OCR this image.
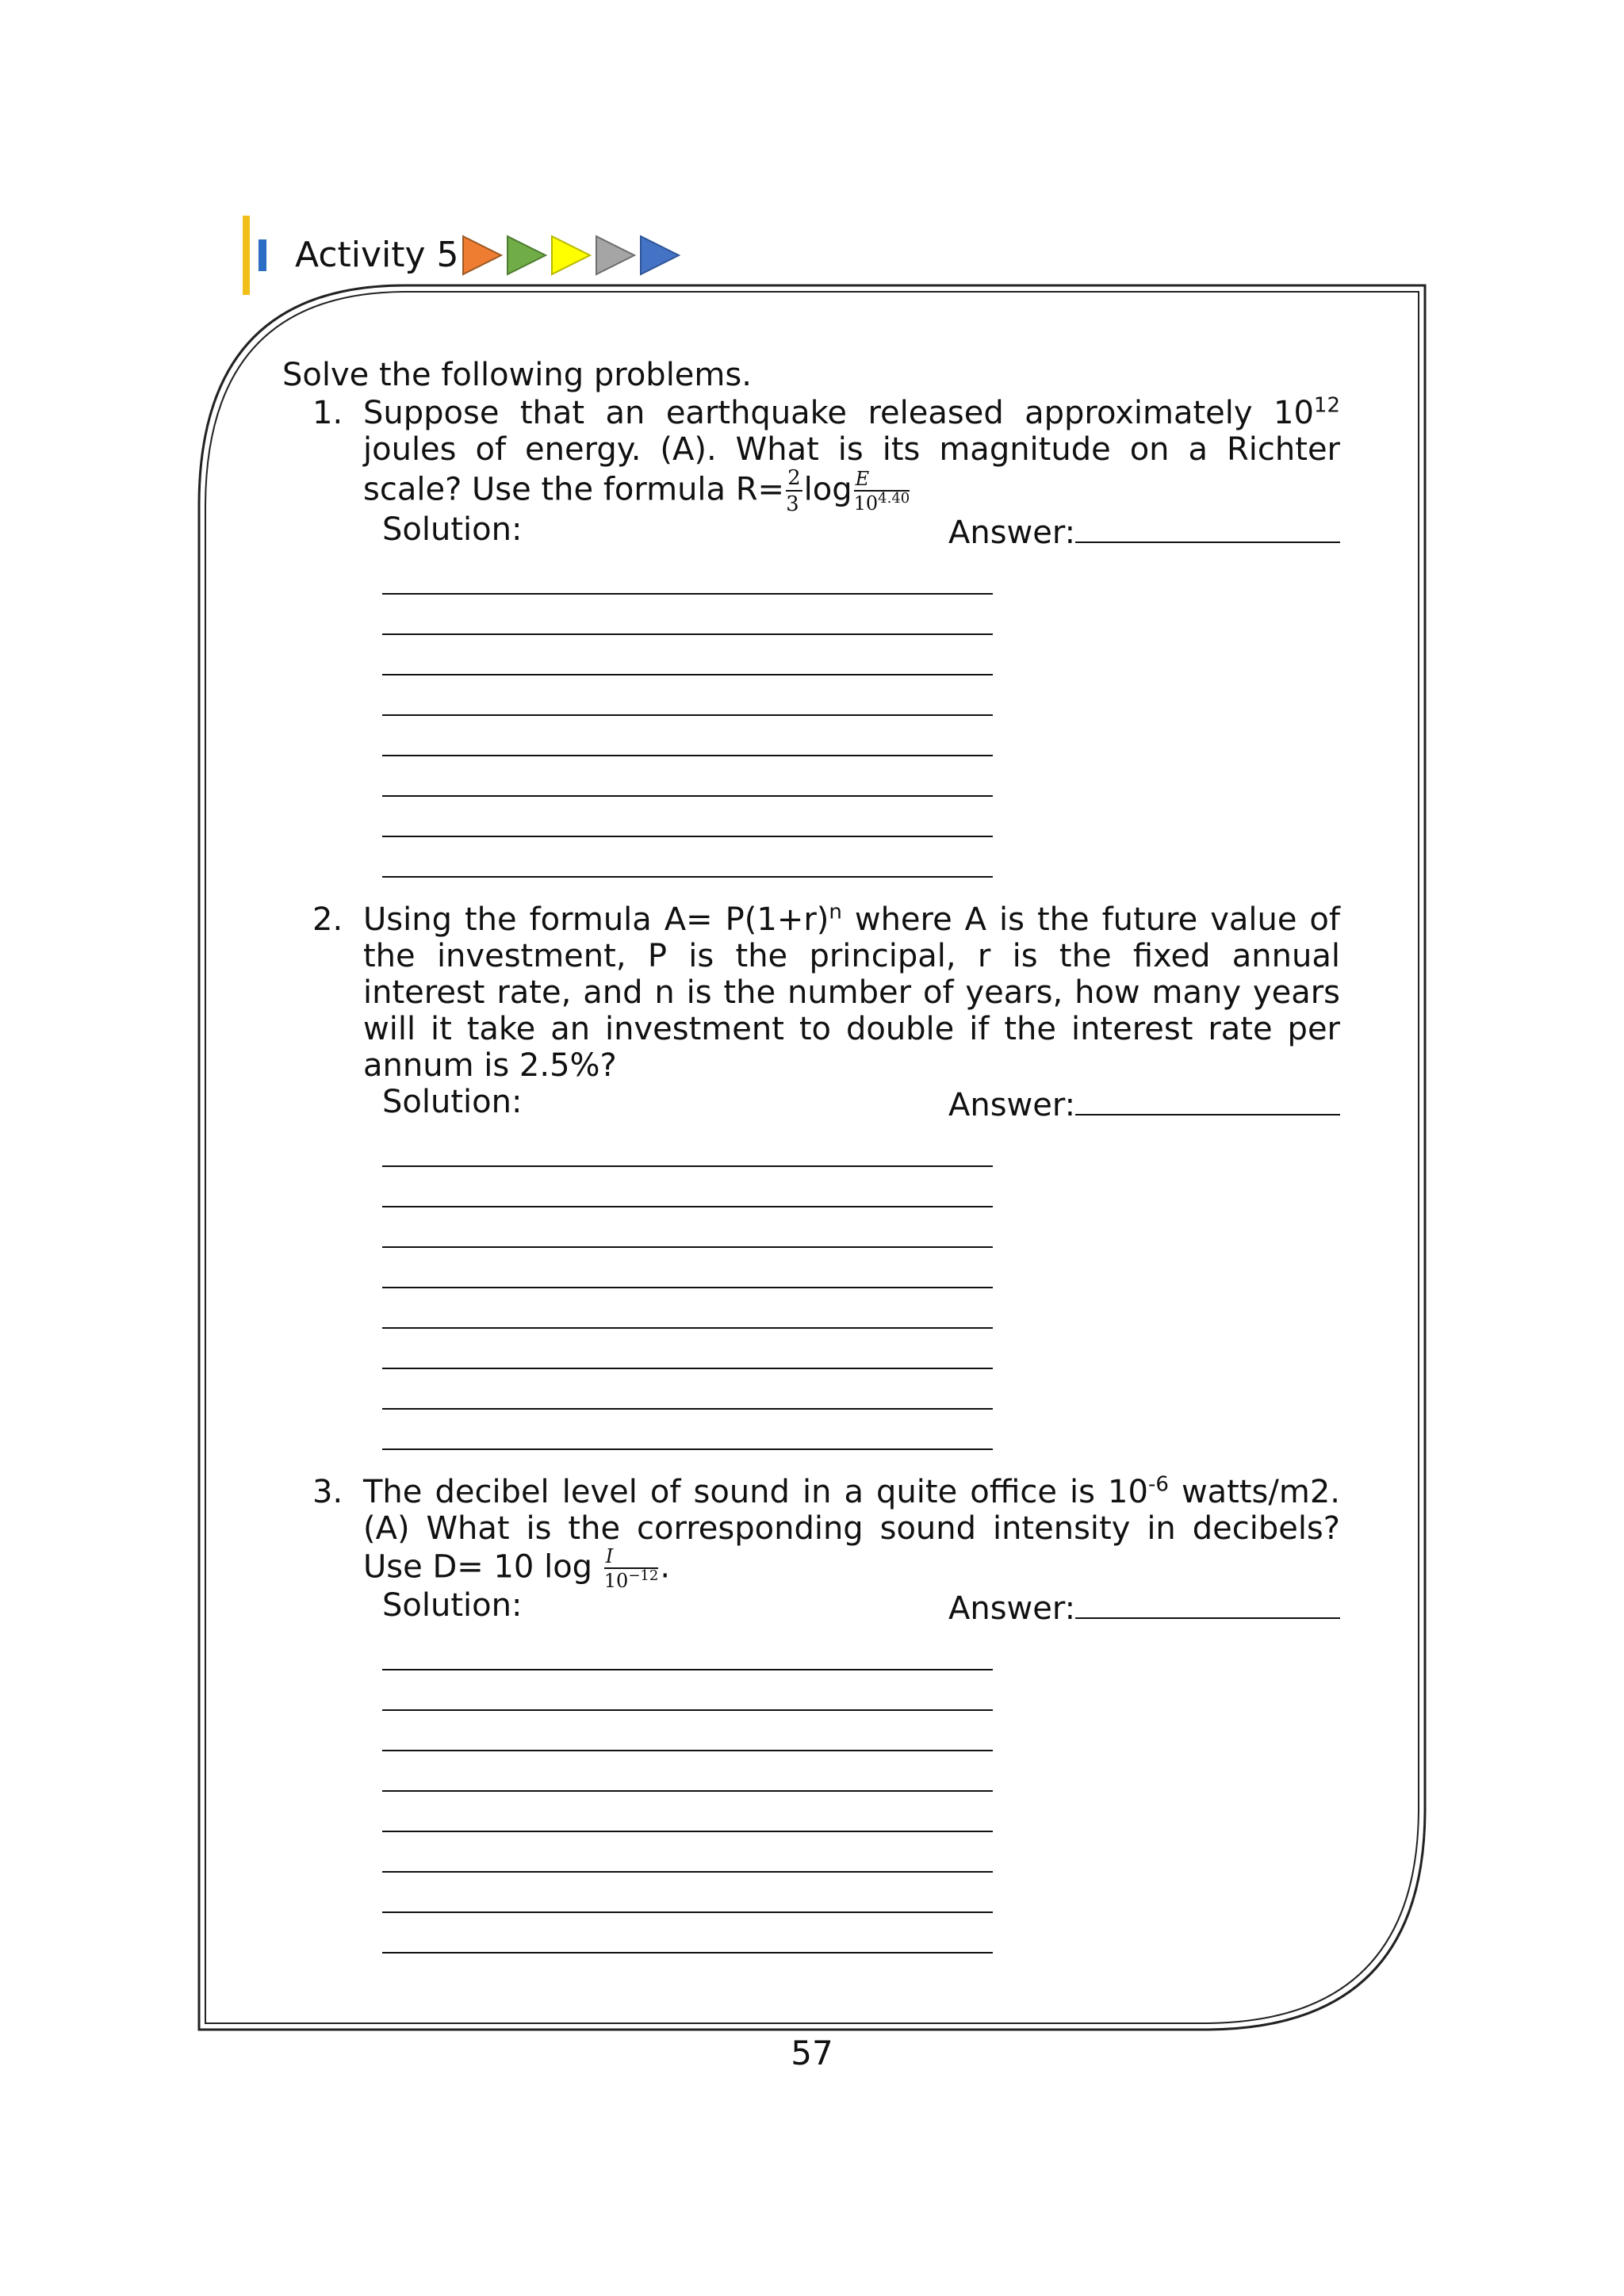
Activity 5

Solve the following problems.

1. Suppose that an earthquake released approximately $10^{12}$ joules of energy. (A). What is its magnitude on a Richter scale? Use the formula $R= \frac{2}{3}$ $\log \frac{E}{10^{4.40}}$

Solution:	Answer:
2. Using the formula $A= P(1+r)^n$ where A is the future value of the investment, P is the principal, r is the fixed annual interest rate, and n is the number of years, how many years will it take an investment to double if the interest rate per annum is 2.5%?

Solution:	Answer:
3. The decibel level of sound in a quite office is $10^{-6}$ watts/m2. (A) What is the corresponding sound intensity in decibels? Use D= 10 $\log \frac{I}{10^{-12}}$ .

Solution:	Answer:
57
